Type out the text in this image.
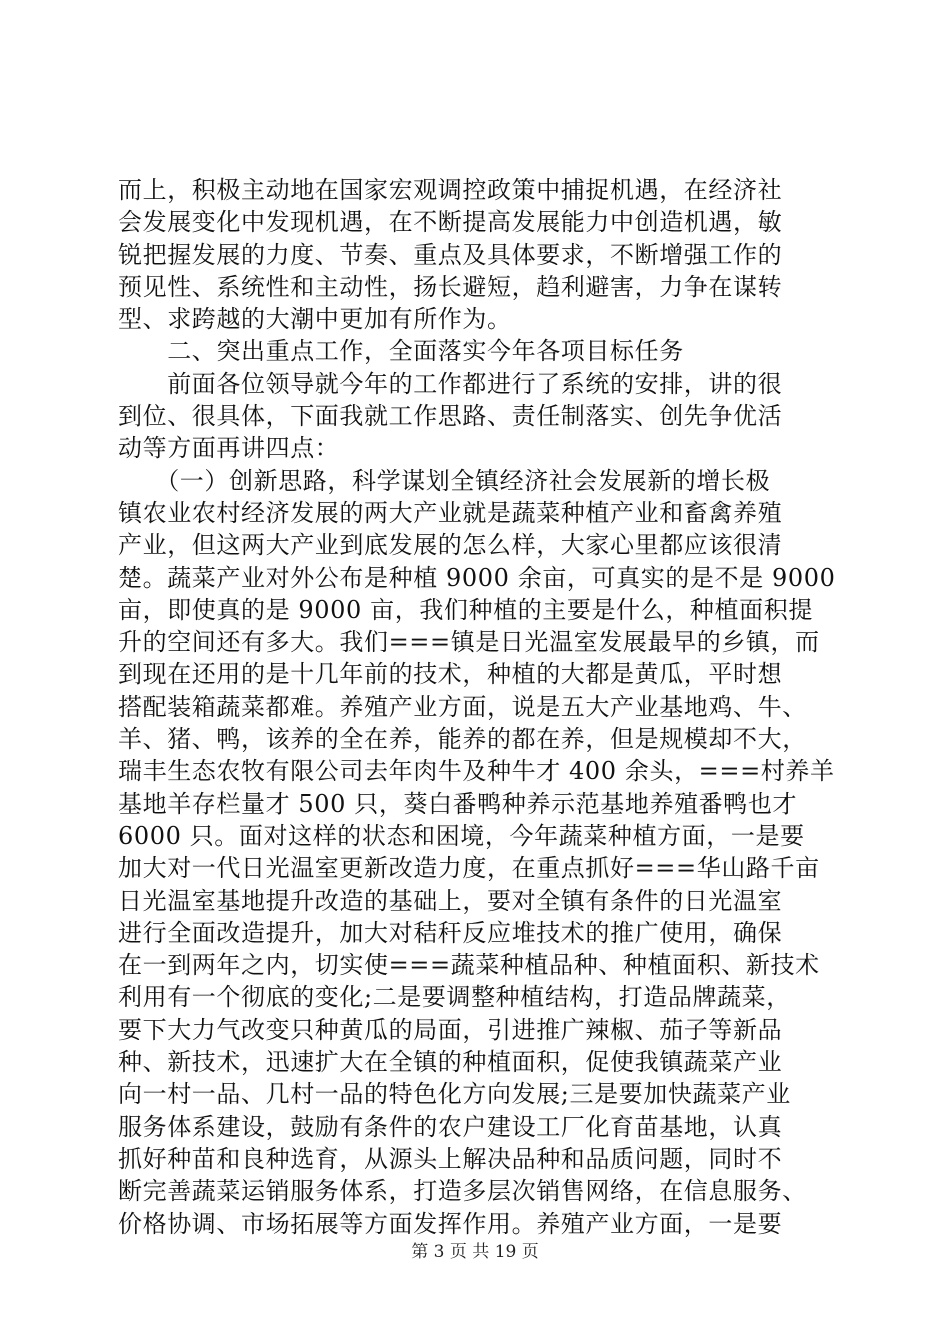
而上，积极主动地在国家宏观调控政策中捕捉机遇，在经济社
会发展变化中发现机遇，在不断提高发展能力中创造机遇，敏
锐把握发展的力度、节奏、重点及具体要求，不断增强工作的
预见性、系统性和主动性，扬长避短，趋利避害，力争在谋转
型、求跨越的大潮中更加有所作为。
　　二、突出重点工作，全面落实今年各项目标任务
　　前面各位领导就今年的工作都进行了系统的安排，讲的很
到位、很具体，下面我就工作思路、责任制落实、创先争优活
动等方面再讲四点：
　　（一）创新思路，科学谋划全镇经济社会发展新的增长极
镇农业农村经济发展的两大产业就是蔬菜种植产业和畜禽养殖
产业，但这两大产业到底发展的怎么样，大家心里都应该很清
楚。蔬菜产业对外公布是种植 9000 余亩，可真实的是不是 9000
亩，即使真的是 9000 亩，我们种植的主要是什么，种植面积提
升的空间还有多大。我们===镇是日光温室发展最早的乡镇，而
到现在还用的是十几年前的技术，种植的大都是黄瓜，平时想
搭配装箱蔬菜都难。养殖产业方面，说是五大产业基地鸡、牛、
羊、猪、鸭，该养的全在养，能养的都在养，但是规模却不大，
瑞丰生态农牧有限公司去年肉牛及种牛才 400 余头，===村养羊
基地羊存栏量才 500 只，葵白番鸭种养示范基地养殖番鸭也才
6000 只。面对这样的状态和困境，今年蔬菜种植方面，一是要
加大对一代日光温室更新改造力度，在重点抓好===华山路千亩
日光温室基地提升改造的基础上，要对全镇有条件的日光温室
进行全面改造提升，加大对秸秆反应堆技术的推广使用，确保
在一到两年之内，切实使===蔬菜种植品种、种植面积、新技术
利用有一个彻底的变化;二是要调整种植结构，打造品牌蔬菜，
要下大力气改变只种黄瓜的局面，引进推广辣椒、茄子等新品
种、新技术，迅速扩大在全镇的种植面积，促使我镇蔬菜产业
向一村一品、几村一品的特色化方向发展;三是要加快蔬菜产业
服务体系建设，鼓励有条件的农户建设工厂化育苗基地，认真
抓好种苗和良种选育，从源头上解决品种和品质问题，同时不
断完善蔬菜运销服务体系，打造多层次销售网络，在信息服务、
价格协调、市场拓展等方面发挥作用。养殖产业方面，一是要
第 3 页 共 19 页
